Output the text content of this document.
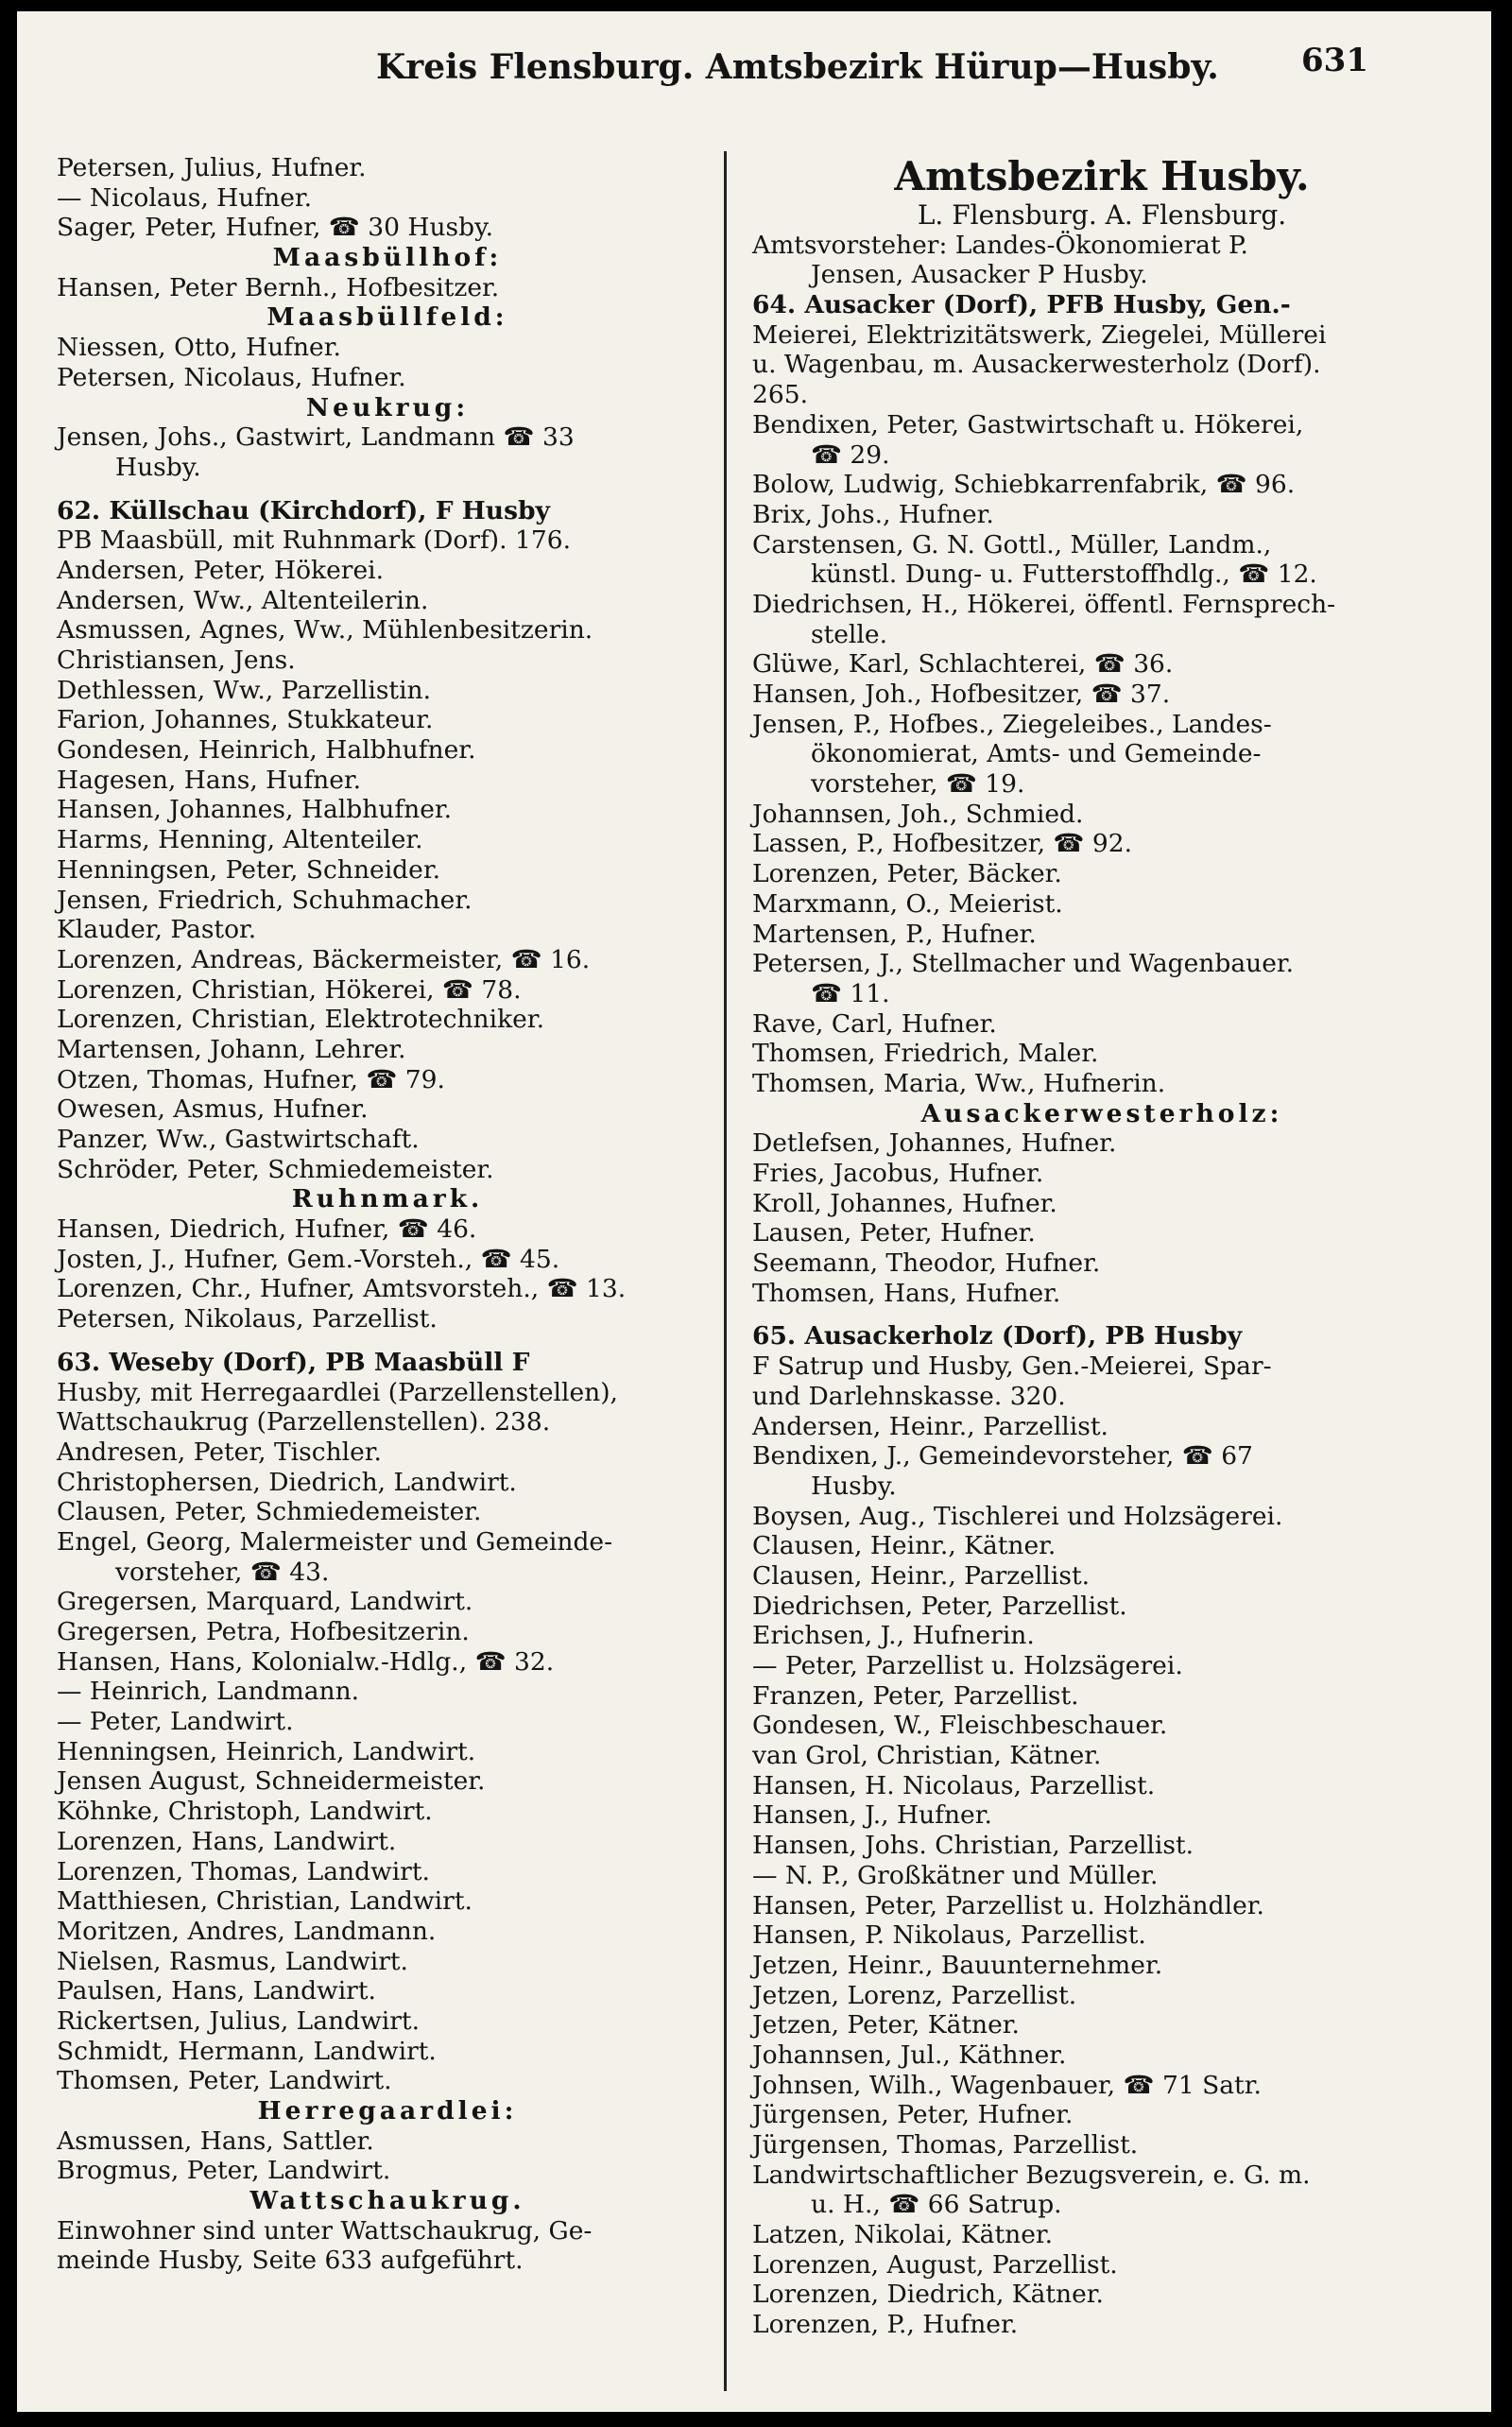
Kreis Flensburg. Amtsbezirk Hürup—Husby.	631
Petersen, Julius, Hufner.
— Nicolaus, Hufner.
Sager, Peter, Hufner, ☎ 30 Husby.
Maasbüllhof:
Hansen, Peter Bernh., Hofbesitzer.
Maasbüllfeld:
Niessen, Otto, Hufner.
Petersen, Nicolaus, Hufner.
Neukrug:
Jensen, Johs., Gastwirt, Landmann ☎ 33
Husby.
62. Küllschau (Kirchdorf), F Husby
PB Maasbüll, mit Ruhnmark (Dorf). 176.
Andersen, Peter, Hökerei.
Andersen, Ww., Altenteilerin.
Asmussen, Agnes, Ww., Mühlenbesitzerin.
Christiansen, Jens.
Dethlessen, Ww., Parzellistin.
Farion, Johannes, Stukkateur.
Gondesen, Heinrich, Halbhufner.
Hagesen, Hans, Hufner.
Hansen, Johannes, Halbhufner.
Harms, Henning, Altenteiler.
Henningsen, Peter, Schneider.
Jensen, Friedrich, Schuhmacher.
Klauder, Pastor.
Lorenzen, Andreas, Bäckermeister, ☎ 16.
Lorenzen, Christian, Hökerei, ☎ 78.
Lorenzen, Christian, Elektrotechniker.
Martensen, Johann, Lehrer.
Otzen, Thomas, Hufner, ☎ 79.
Owesen, Asmus, Hufner.
Panzer, Ww., Gastwirtschaft.
Schröder, Peter, Schmiedemeister.
Ruhnmark.
Hansen, Diedrich, Hufner, ☎ 46.
Josten, J., Hufner, Gem.-Vorsteh., ☎ 45.
Lorenzen, Chr., Hufner, Amtsvorsteh., ☎ 13.
Petersen, Nikolaus, Parzellist.
63. Weseby (Dorf), PB Maasbüll F
Husby, mit Herregaardlei (Parzellenstellen),
Wattschaukrug (Parzellenstellen). 238.
Andresen, Peter, Tischler.
Christophersen, Diedrich, Landwirt.
Clausen, Peter, Schmiedemeister.
Engel, Georg, Malermeister und Gemeinde-
vorsteher, ☎ 43.
Gregersen, Marquard, Landwirt.
Gregersen, Petra, Hofbesitzerin.
Hansen, Hans, Kolonialw.-Hdlg., ☎ 32.
— Heinrich, Landmann.
— Peter, Landwirt.
Henningsen, Heinrich, Landwirt.
Jensen August, Schneidermeister.
Köhnke, Christoph, Landwirt.
Lorenzen, Hans, Landwirt.
Lorenzen, Thomas, Landwirt.
Matthiesen, Christian, Landwirt.
Moritzen, Andres, Landmann.
Nielsen, Rasmus, Landwirt.
Paulsen, Hans, Landwirt.
Rickertsen, Julius, Landwirt.
Schmidt, Hermann, Landwirt.
Thomsen, Peter, Landwirt.
Herregaardlei:
Asmussen, Hans, Sattler.
Brogmus, Peter, Landwirt.
Wattschaukrug.
Einwohner sind unter Wattschaukrug, Ge-
meinde Husby, Seite 633 aufgeführt.
Amtsbezirk Husby.
L. Flensburg. A. Flensburg.
Amtsvorsteher: Landes-Ökonomierat P.
Jensen, Ausacker P Husby.
64. Ausacker (Dorf), PFB Husby, Gen.-
Meierei, Elektrizitätswerk, Ziegelei, Müllerei
u. Wagenbau, m. Ausackerwesterholz (Dorf).
265.
Bendixen, Peter, Gastwirtschaft u. Hökerei,
☎ 29.
Bolow, Ludwig, Schiebkarrenfabrik, ☎ 96.
Brix, Johs., Hufner.
Carstensen, G. N. Gottl., Müller, Landm.,
künstl. Dung- u. Futterstoffhdlg., ☎ 12.
Diedrichsen, H., Hökerei, öffentl. Fernsprech-
stelle.
Glüwe, Karl, Schlachterei, ☎ 36.
Hansen, Joh., Hofbesitzer, ☎ 37.
Jensen, P., Hofbes., Ziegeleibes., Landes-
ökonomierat, Amts- und Gemeinde-
vorsteher, ☎ 19.
Johannsen, Joh., Schmied.
Lassen, P., Hofbesitzer, ☎ 92.
Lorenzen, Peter, Bäcker.
Marxmann, O., Meierist.
Martensen, P., Hufner.
Petersen, J., Stellmacher und Wagenbauer.
☎ 11.
Rave, Carl, Hufner.
Thomsen, Friedrich, Maler.
Thomsen, Maria, Ww., Hufnerin.
Ausackerwesterholz:
Detlefsen, Johannes, Hufner.
Fries, Jacobus, Hufner.
Kroll, Johannes, Hufner.
Lausen, Peter, Hufner.
Seemann, Theodor, Hufner.
Thomsen, Hans, Hufner.
65. Ausackerholz (Dorf), PB Husby
F Satrup und Husby, Gen.-Meierei, Spar-
und Darlehnskasse. 320.
Andersen, Heinr., Parzellist.
Bendixen, J., Gemeindevorsteher, ☎ 67
Husby.
Boysen, Aug., Tischlerei und Holzsägerei.
Clausen, Heinr., Kätner.
Clausen, Heinr., Parzellist.
Diedrichsen, Peter, Parzellist.
Erichsen, J., Hufnerin.
— Peter, Parzellist u. Holzsägerei.
Franzen, Peter, Parzellist.
Gondesen, W., Fleischbeschauer.
van Grol, Christian, Kätner.
Hansen, H. Nicolaus, Parzellist.
Hansen, J., Hufner.
Hansen, Johs. Christian, Parzellist.
— N. P., Großkätner und Müller.
Hansen, Peter, Parzellist u. Holzhändler.
Hansen, P. Nikolaus, Parzellist.
Jetzen, Heinr., Bauunternehmer.
Jetzen, Lorenz, Parzellist.
Jetzen, Peter, Kätner.
Johannsen, Jul., Käthner.
Johnsen, Wilh., Wagenbauer, ☎ 71 Satr.
Jürgensen, Peter, Hufner.
Jürgensen, Thomas, Parzellist.
Landwirtschaftlicher Bezugsverein, e. G. m.
u. H., ☎ 66 Satrup.
Latzen, Nikolai, Kätner.
Lorenzen, August, Parzellist.
Lorenzen, Diedrich, Kätner.
Lorenzen, P., Hufner.
